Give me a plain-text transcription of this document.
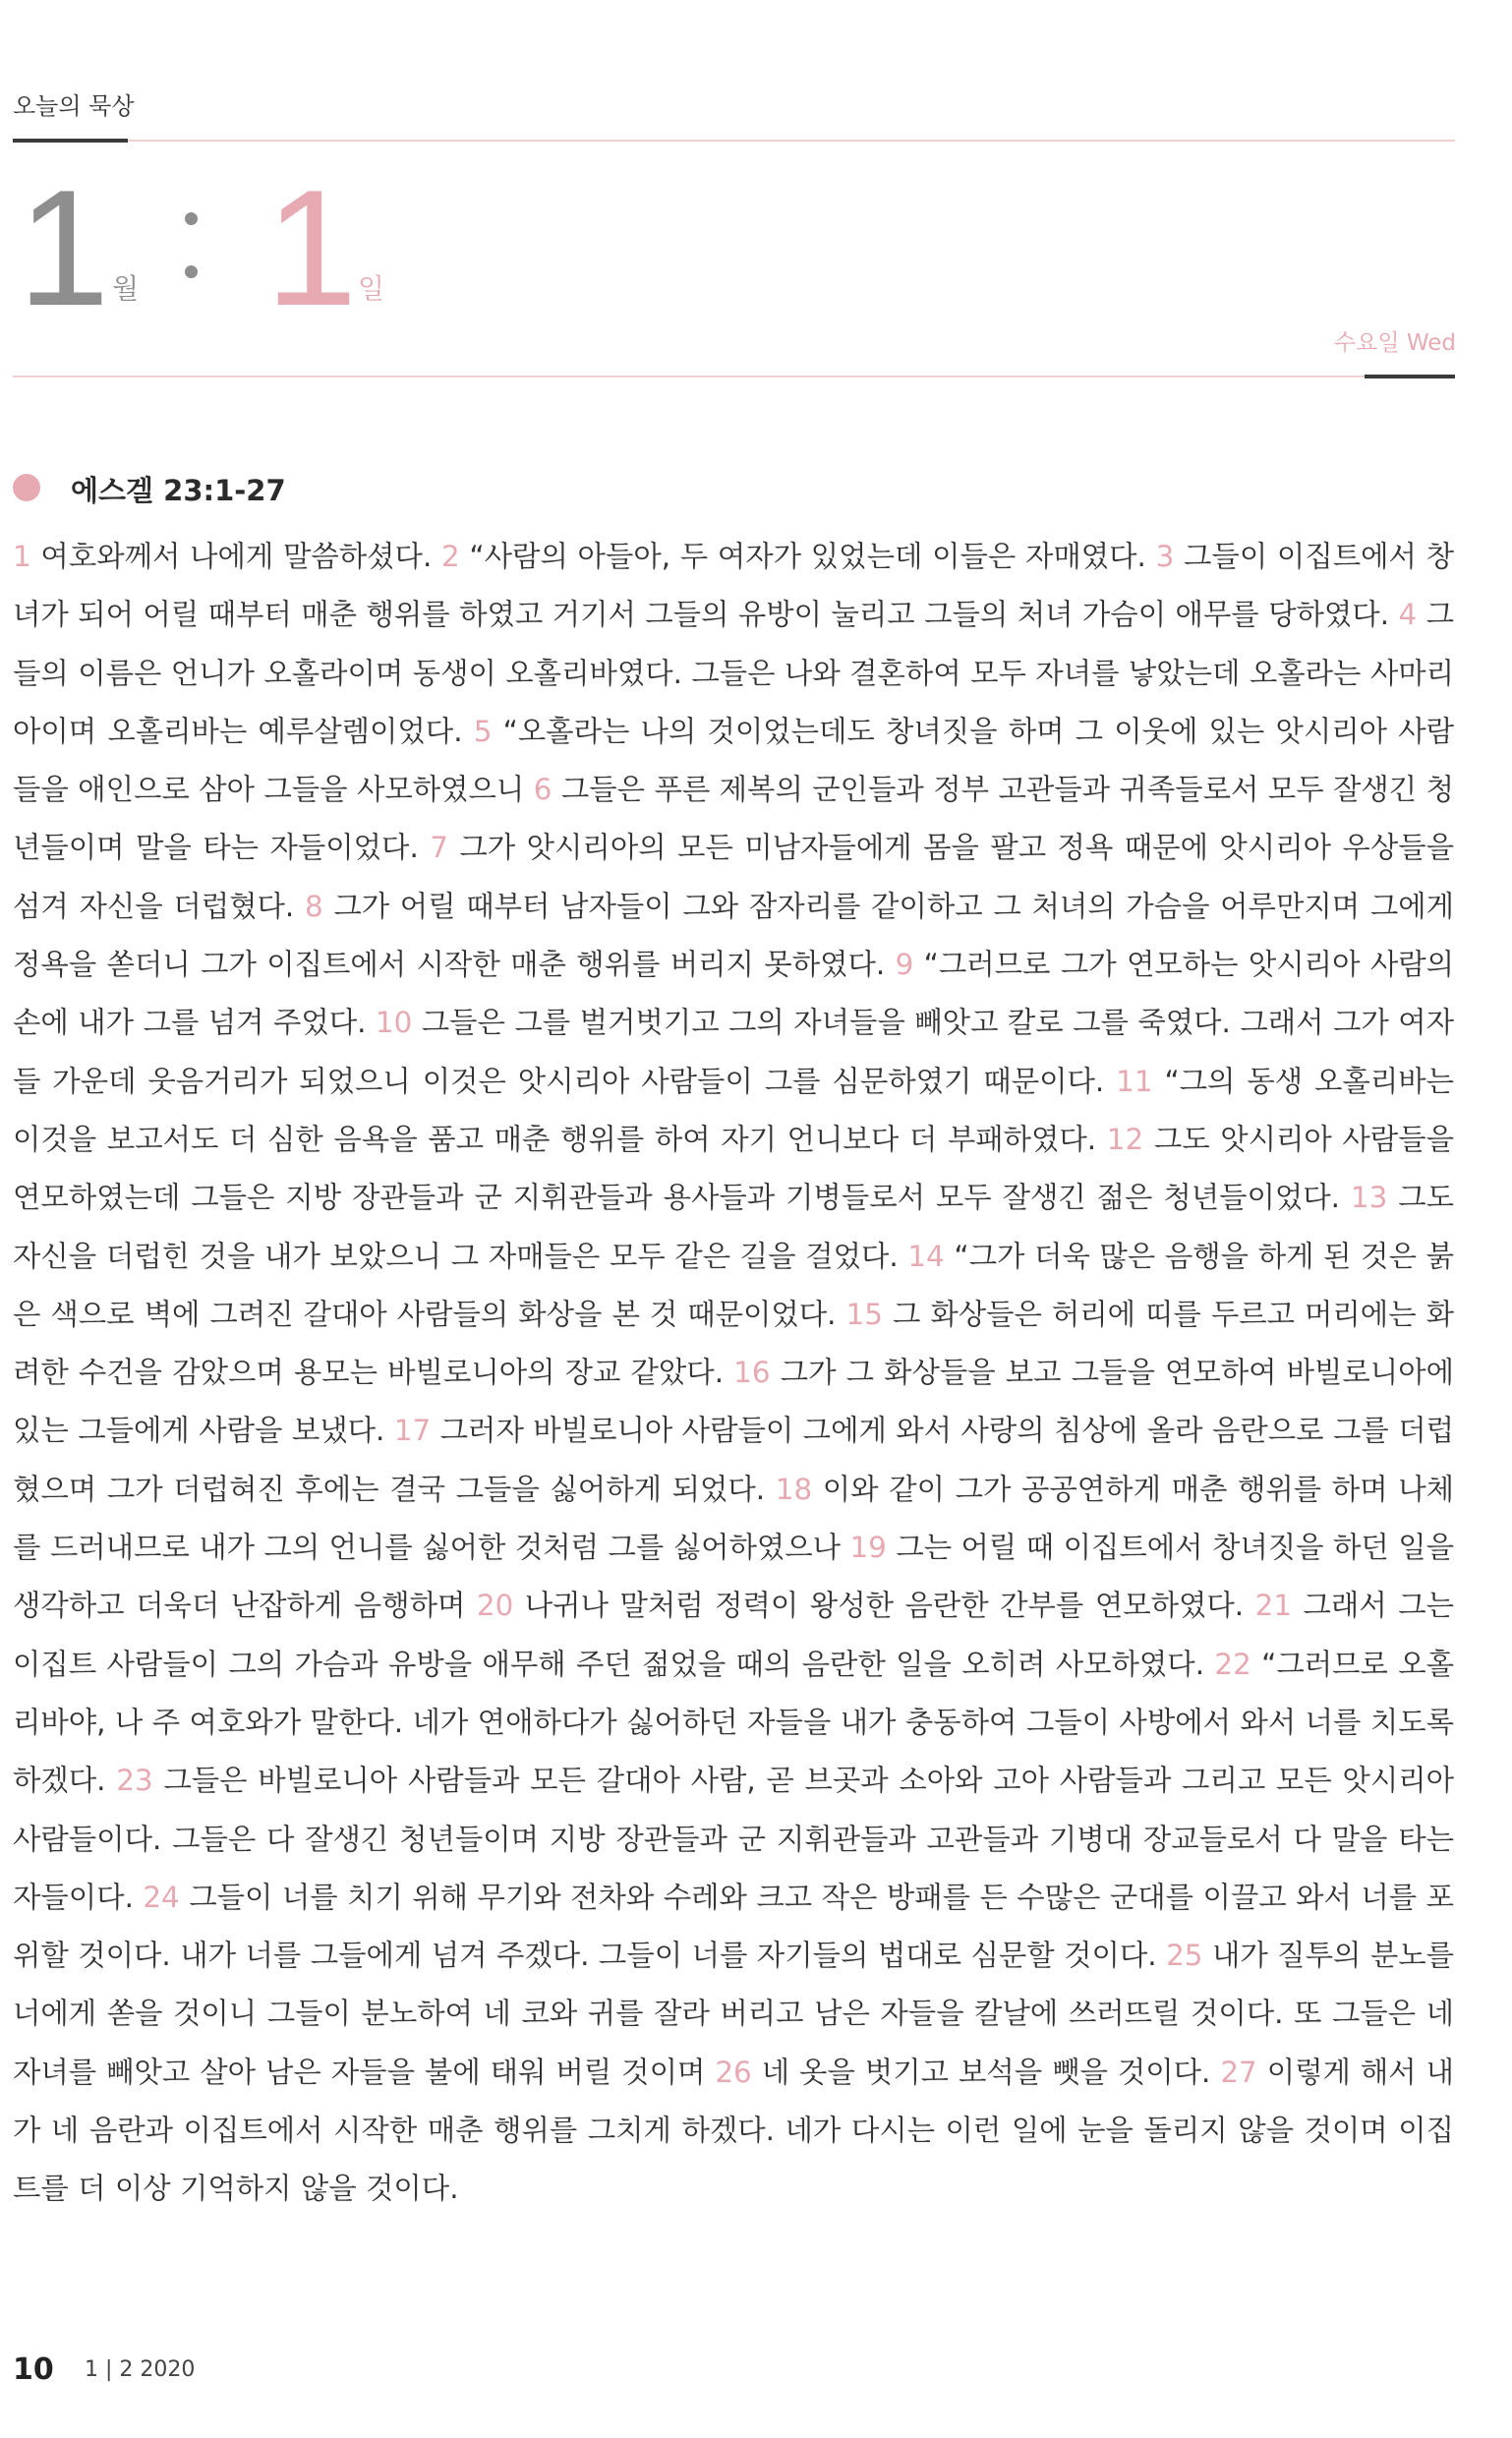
오늘의 묵상
1 월 1 일
수요일 Wed
에스겔 23:1-27

1 여호와께서 나에게 말씀하셨다. 2 “사람의 아들아, 두 여자가 있었는데 이들은 자매였다. 3 그들이 이집트에서 창녀가 되어 어릴 때부터 매춘 행위를 하였고 거기서 그들의 유방이 눌리고 그들의 처녀 가슴이 애무를 당하였다. 4 그들의 이름은 언니가 오홀라이며 동생이 오홀리바였다. 그들은 나와 결혼하여 모두 자녀를 낳았는데 오홀라는 사마리아이며 오홀리바는 예루살렘이었다. 5 “오홀라는 나의 것이었는데도 창녀짓을 하며 그 이웃에 있는 앗시리아 사람들을 애인으로 삼아 그들을 사모하였으니 6 그들은 푸른 제복의 군인들과 정부 고관들과 귀족들로서 모두 잘생긴 청년들이며 말을 타는 자들이었다. 7 그가 앗시리아의 모든 미남자들에게 몸을 팔고 정욕 때문에 앗시리아 우상들을 섬겨 자신을 더럽혔다. 8 그가 어릴 때부터 남자들이 그와 잠자리를 같이하고 그 처녀의 가슴을 어루만지며 그에게 정욕을 쏟더니 그가 이집트에서 시작한 매춘 행위를 버리지 못하였다. 9 “그러므로 그가 연모하는 앗시리아 사람의 손에 내가 그를 넘겨 주었다. 10 그들은 그를 벌거벗기고 그의 자녀들을 빼앗고 칼로 그를 죽였다. 그래서 그가 여자들 가운데 웃음거리가 되었으니 이것은 앗시리아 사람들이 그를 심문하였기 때문이다. 11 “그의 동생 오홀리바는 이것을 보고서도 더 심한 음욕을 품고 매춘 행위를 하여 자기 언니보다 더 부패하였다. 12 그도 앗시리아 사람들을 연모하였는데 그들은 지방 장관들과 군 지휘관들과 용사들과 기병들로서 모두 잘생긴 젊은 청년들이었다. 13 그도 자신을 더럽힌 것을 내가 보았으니 그 자매들은 모두 같은 길을 걸었다. 14 “그가 더욱 많은 음행을 하게 된 것은 붉은 색으로 벽에 그려진 갈대아 사람들의 화상을 본 것 때문이었다. 15 그 화상들은 허리에 띠를 두르고 머리에는 화려한 수건을 감았으며 용모는 바빌로니아의 장교 같았다. 16 그가 그 화상들을 보고 그들을 연모하여 바빌로니아에 있는 그들에게 사람을 보냈다. 17 그러자 바빌로니아 사람들이 그에게 와서 사랑의 침상에 올라 음란으로 그를 더럽혔으며 그가 더럽혀진 후에는 결국 그들을 싫어하게 되었다. 18 이와 같이 그가 공공연하게 매춘 행위를 하며 나체를 드러내므로 내가 그의 언니를 싫어한 것처럼 그를 싫어하였으나 19 그는 어릴 때 이집트에서 창녀짓을 하던 일을 생각하고 더욱더 난잡하게 음행하며 20 나귀나 말처럼 정력이 왕성한 음란한 간부를 연모하였다. 21 그래서 그는 이집트 사람들이 그의 가슴과 유방을 애무해 주던 젊었을 때의 음란한 일을 오히려 사모하였다. 22 “그러므로 오홀리바야, 나 주 여호와가 말한다. 네가 연애하다가 싫어하던 자들을 내가 충동하여 그들이 사방에서 와서 너를 치도록 하겠다. 23 그들은 바빌로니아 사람들과 모든 갈대아 사람, 곧 브곳과 소아와 고아 사람들과 그리고 모든 앗시리아 사람들이다. 그들은 다 잘생긴 청년들이며 지방 장관들과 군 지휘관들과 고관들과 기병대 장교들로서 다 말을 타는 자들이다. 24 그들이 너를 치기 위해 무기와 전차와 수레와 크고 작은 방패를 든 수많은 군대를 이끌고 와서 너를 포위할 것이다. 내가 너를 그들에게 넘겨 주겠다. 그들이 너를 자기들의 법대로 심문할 것이다. 25 내가 질투의 분노를 너에게 쏟을 것이니 그들이 분노하여 네 코와 귀를 잘라 버리고 남은 자들을 칼날에 쓰러뜨릴 것이다. 또 그들은 네 자녀를 빼앗고 살아 남은 자들을 불에 태워 버릴 것이며 26 네 옷을 벗기고 보석을 뺏을 것이다. 27 이렇게 해서 내가 네 음란과 이집트에서 시작한 매춘 행위를 그치게 하겠다. 네가 다시는 이런 일에 눈을 돌리지 않을 것이며 이집트를 더 이상 기억하지 않을 것이다.

10 1 | 2 2020
